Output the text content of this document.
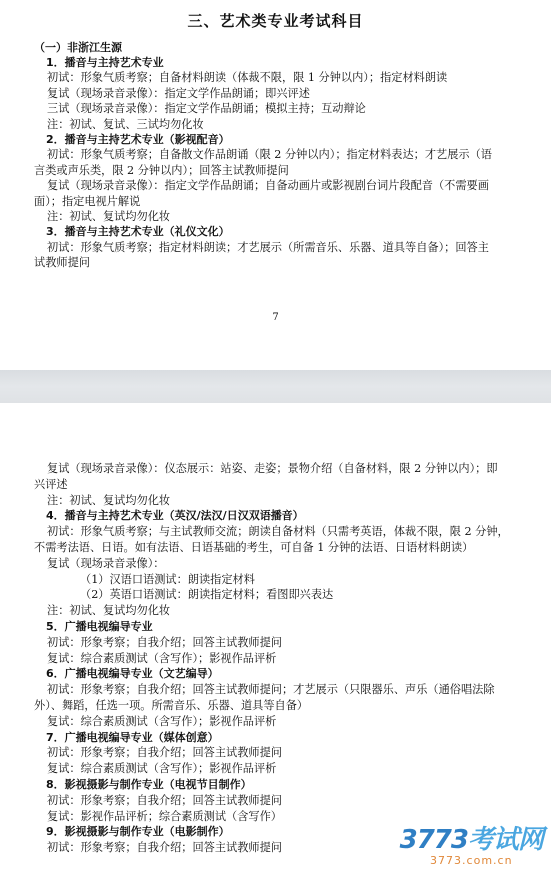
三、艺术类专业考试科目
（一）非浙江生源
1．播音与主持艺术专业
初试：形象气质考察；自备材料朗读（体裁不限，限 1 分钟以内）；指定材料朗读
复试（现场录音录像）：指定文学作品朗诵；即兴评述
三试（现场录音录像）：指定文学作品朗诵；模拟主持；互动辩论
注：初试、复试、三试均勿化妆
2．播音与主持艺术专业（影视配音）
初试：形象气质考察；自备散文作品朗诵（限 2 分钟以内）；指定材料表达；才艺展示（语
言类或声乐类，限 2 分钟以内）；回答主试教师提问
复试（现场录音录像）：指定文学作品朗诵；自备动画片或影视剧台词片段配音（不需要画
面）；指定电视片解说
注：初试、复试均勿化妆
3．播音与主持艺术专业（礼仪文化）
初试：形象气质考察；指定材料朗读；才艺展示（所需音乐、乐器、道具等自备）；回答主
试教师提问
7
复试（现场录音录像）：仪态展示：站姿、走姿；景物介绍（自备材料，限 2 分钟以内）；即
兴评述
注：初试、复试均勿化妆
4．播音与主持艺术专业（英汉/法汉/日汉双语播音）
初试：形象气质考察；与主试教师交流；朗读自备材料（只需考英语，体裁不限，限 2 分钟，
不需考法语、日语。如有法语、日语基础的考生，可自备 1 分钟的法语、日语材料朗读）
复试（现场录音录像）：
（1）汉语口语测试：朗读指定材料
（2）英语口语测试：朗读指定材料；看图即兴表达
注：初试、复试均勿化妆
5．广播电视编导专业
初试：形象考察；自我介绍；回答主试教师提问
复试：综合素质测试（含写作）；影视作品评析
6．广播电视编导专业（文艺编导）
初试：形象考察；自我介绍；回答主试教师提问；才艺展示（只限器乐、声乐（通俗唱法除
外）、舞蹈，任选一项。所需音乐、乐器、道具等自备）
复试：综合素质测试（含写作）；影视作品评析
7．广播电视编导专业（媒体创意）
初试：形象考察；自我介绍；回答主试教师提问
复试：综合素质测试（含写作）；影视作品评析
8．影视摄影与制作专业（电视节目制作）
初试：形象考察；自我介绍；回答主试教师提问
复试：影视作品评析；综合素质测试（含写作）
9．影视摄影与制作专业（电影制作）
初试：形象考察；自我介绍；回答主试教师提问	3773考试网
3773.com.cn
